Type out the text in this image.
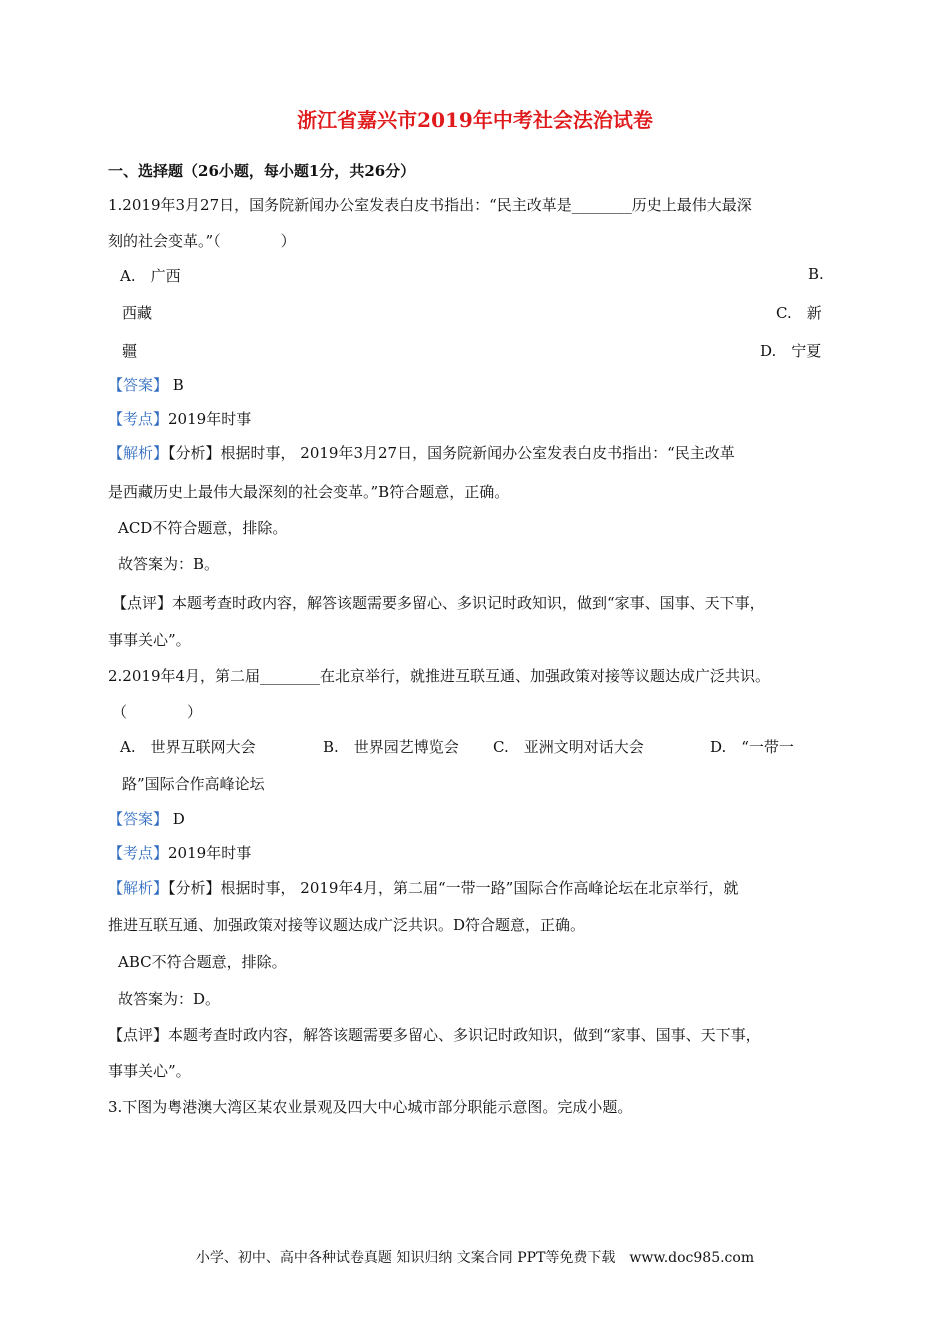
浙江省嘉兴市2019年中考社会法治试卷
一、选择题（26小题，每小题1分，共26分）
1.2019年3月27日，国务院新闻办公室发表白皮书指出：“民主改革是________历史上最伟大最深
刻的社会变革。”（　　　　）
A.　广西	B.
西藏	C.　新
疆	D.　宁夏
【答案】 B
【考点】2019年时事
【解析】【分析】根据时事， 2019年3月27日，国务院新闻办公室发表白皮书指出：“民主改革
是西藏历史上最伟大最深刻的社会变革。”B符合题意，正确。
ACD不符合题意，排除。
故答案为：B。
【点评】本题考查时政内容，解答该题需要多留心、多识记时政知识，做到“家事、国事、天下事，
事事关心”。
2.2019年4月，第二届________在北京举行，就推进互联互通、加强政策对接等议题达成广泛共识。
（　　　　）
A.　世界互联网大会	B.　世界园艺博览会 C.　亚洲文明对话大会	D.　“一带一
路”国际合作高峰论坛
【答案】 D
【考点】2019年时事
【解析】【分析】根据时事， 2019年4月，第二届“一带一路”国际合作高峰论坛在北京举行，就
推进互联互通、加强政策对接等议题达成广泛共识。D符合题意，正确。
ABC不符合题意，排除。
故答案为：D。
【点评】本题考查时政内容，解答该题需要多留心、多识记时政知识，做到“家事、国事、天下事，
事事关心”。
3.下图为粤港澳大湾区某农业景观及四大中心城市部分职能示意图。完成小题。
小学、初中、高中各种试卷真题 知识归纳 文案合同 PPT等免费下载　www.doc985.com
